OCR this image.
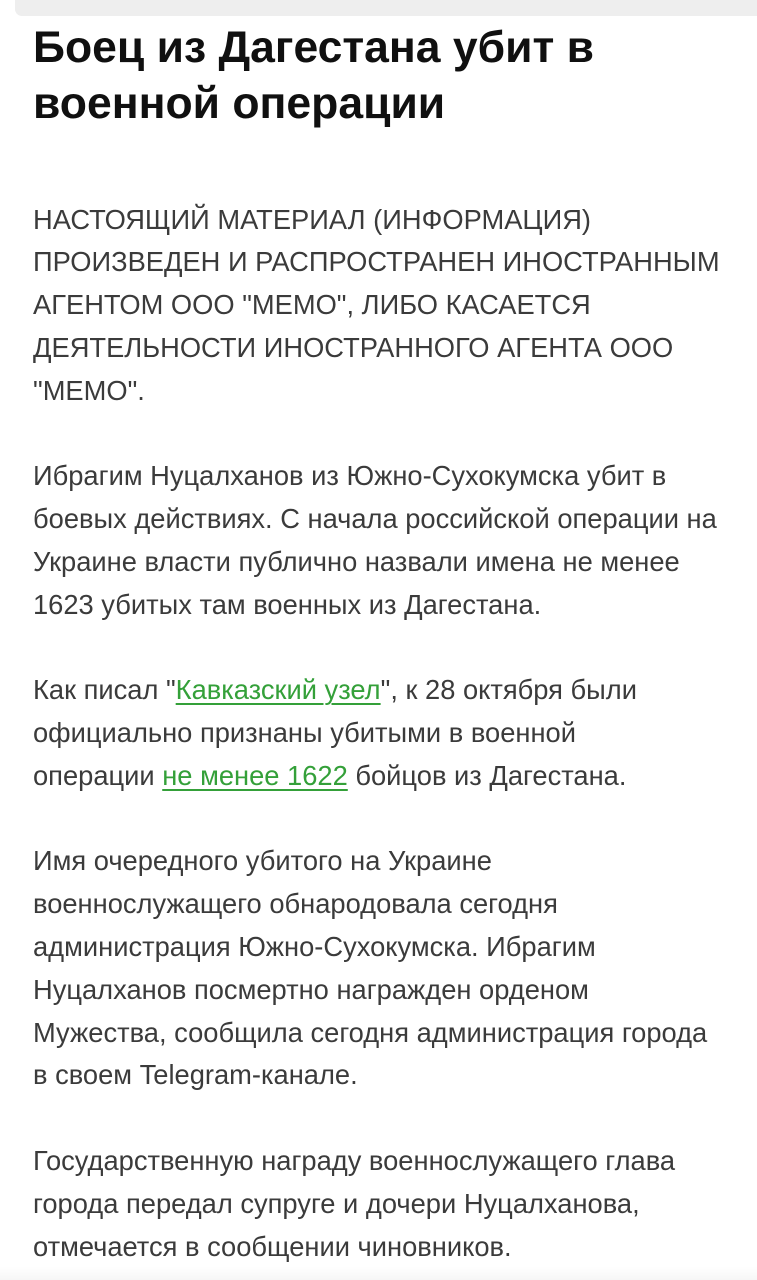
Боец из Дагестана убит в военной операции

НАСТОЯЩИЙ МАТЕРИАЛ (ИНФОРМАЦИЯ)
ПРОИЗВЕДЕН И РАСПРОСТРАНЕН ИНОСТРАННЫМ
АГЕНТОМ ООО "МЕМО", ЛИБО КАСАЕТСЯ
ДЕЯТЕЛЬНОСТИ ИНОСТРАННОГО АГЕНТА ООО
"МЕМО".

Ибрагим Нуцалханов из Южно-Сухокумска убит в
боевых действиях. С начала российской операции на
Украине власти публично назвали имена не менее
1623 убитых там военных из Дагестана.

Как писал "Кавказский узел", к 28 октября были
официально признаны убитыми в военной
операции не менее 1622 бойцов из Дагестана.

Имя очередного убитого на Украине
военнослужащего обнародовала сегодня
администрация Южно-Сухокумска. Ибрагим
Нуцалханов посмертно награжден орденом
Мужества, сообщила сегодня администрация города
в своем Telegram-канале.

Государственную награду военнослужащего глава
города передал супруге и дочери Нуцалханова,
отмечается в сообщении чиновников.
